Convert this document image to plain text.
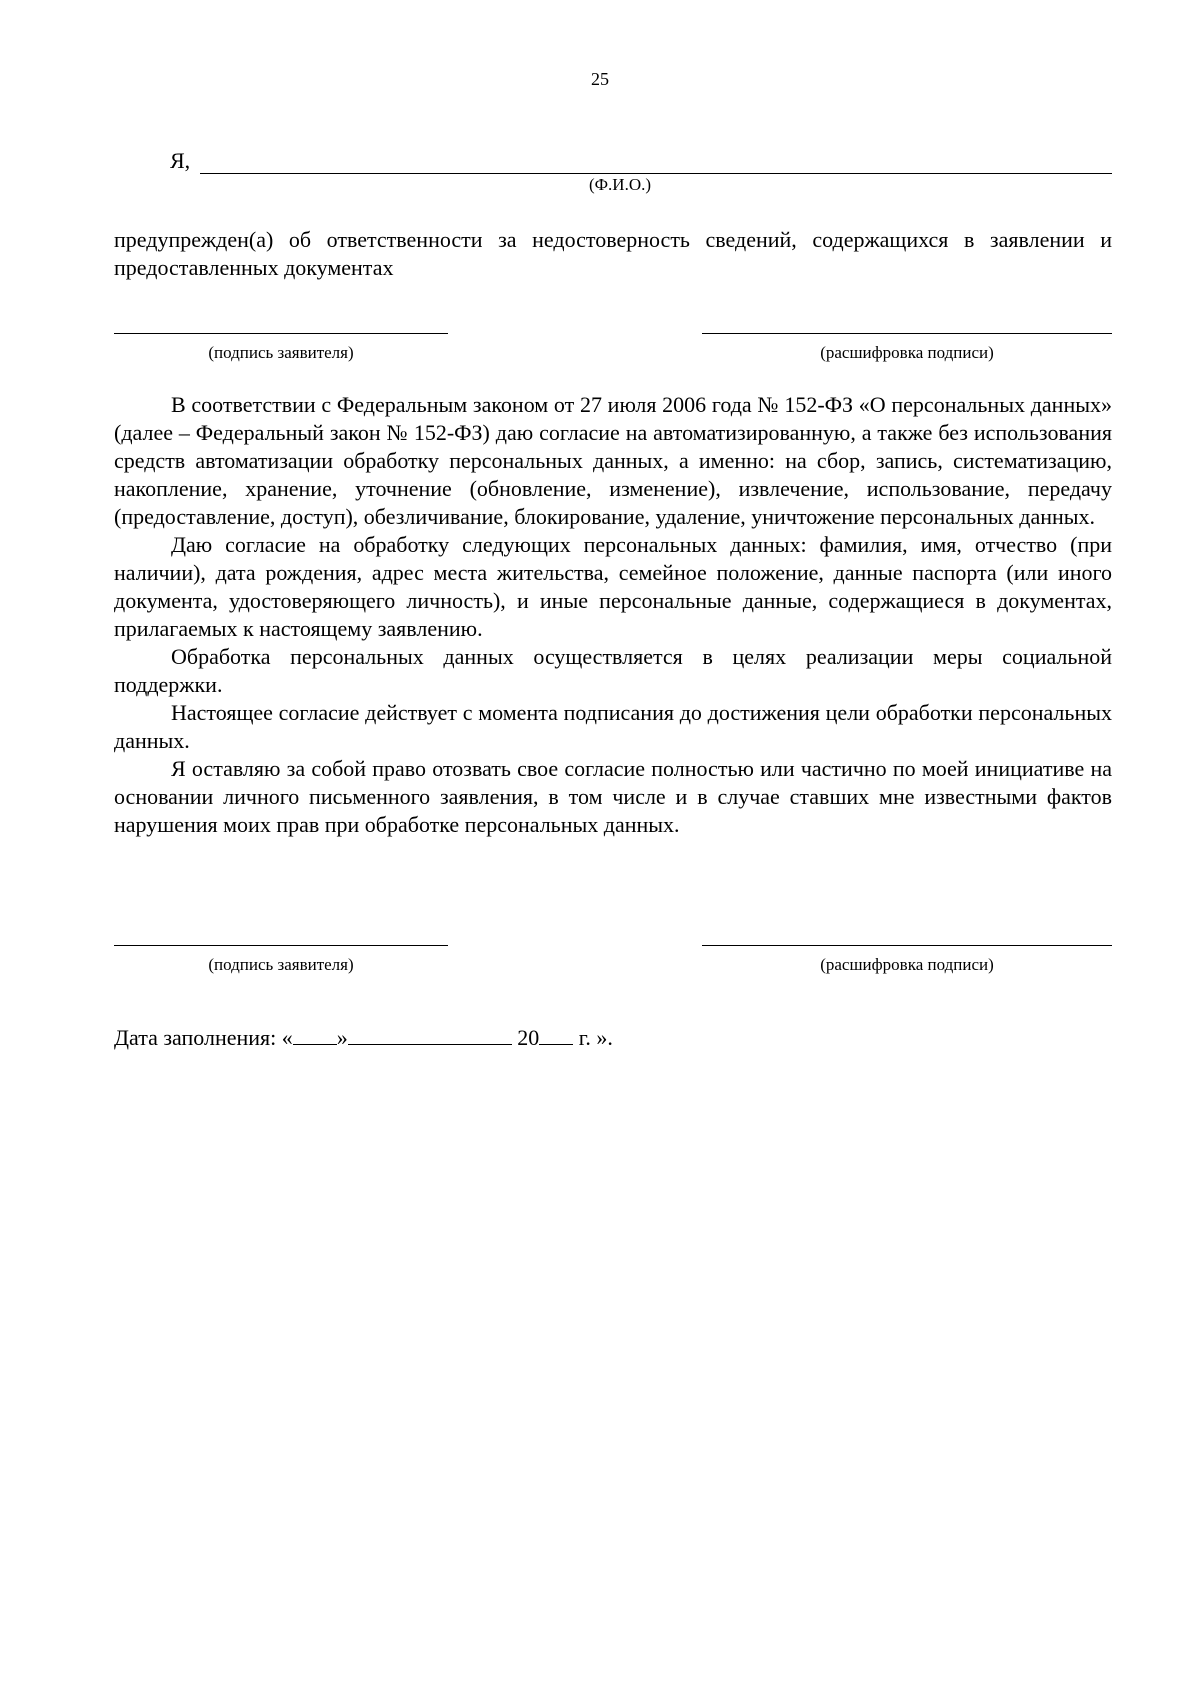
25
Я,
(Ф.И.О.)

предупрежден(а) об ответственности за недостоверность сведений, содержащихся в заявлении и предоставленных документах

(подпись заявителя)	(расшифровка подписи)

В соответствии с Федеральным законом от 27 июля 2006 года № 152-ФЗ «О персональных данных» (далее – Федеральный закон № 152-ФЗ) даю согласие на автоматизированную, а также без использования средств автоматизации обработку персональных данных, а именно: на сбор, запись, систематизацию, накопление, хранение, уточнение (обновление, изменение), извлечение, использование, передачу (предоставление, доступ), обезличивание, блокирование, удаление, уничтожение персональных данных.

Даю согласие на обработку следующих персональных данных: фамилия, имя, отчество (при наличии), дата рождения, адрес места жительства, семейное положение, данные паспорта (или иного документа, удостоверяющего личность), и иные персональные данные, содержащиеся в документах, прилагаемых к настоящему заявлению.

Обработка персональных данных осуществляется в целях реализации меры социальной поддержки.

Настоящее согласие действует с момента подписания до достижения цели обработки персональных данных.

Я оставляю за собой право отозвать свое согласие полностью или частично по моей инициативе на основании личного письменного заявления, в том числе и в случае ставших мне известными фактов нарушения моих прав при обработке персональных данных.

(подпись заявителя)	(расшифровка подписи)
Дата заполнения: « »	20 г. ».
